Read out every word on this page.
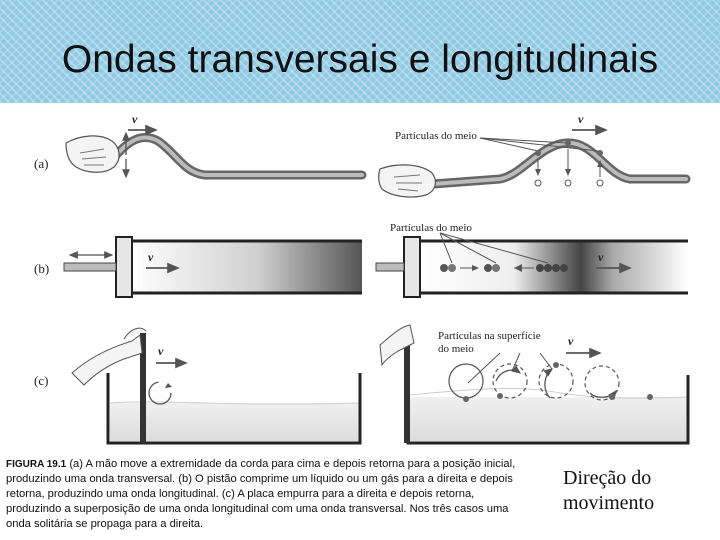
Ondas transversais e longitudinais
(a)
v
Partículas do meio
v
(b)
v
Partículas do meio
v
(c)
v
Partículas na superfície
do meio
v
FIGURA 19.1 (a) A mão move a extremidade da corda para cima e depois retorna para a posição inicial, produzindo uma onda transversal. (b) O pistão comprime um líquido ou um gás para a direita e depois retorna, produzindo uma onda longitudinal. (c) A placa empurra para a direita e depois retorna, produzindo a superposição de uma onda longitudinal com uma onda transversal. Nos três casos uma onda solitária se propaga para a direita.
Direção do movimento
